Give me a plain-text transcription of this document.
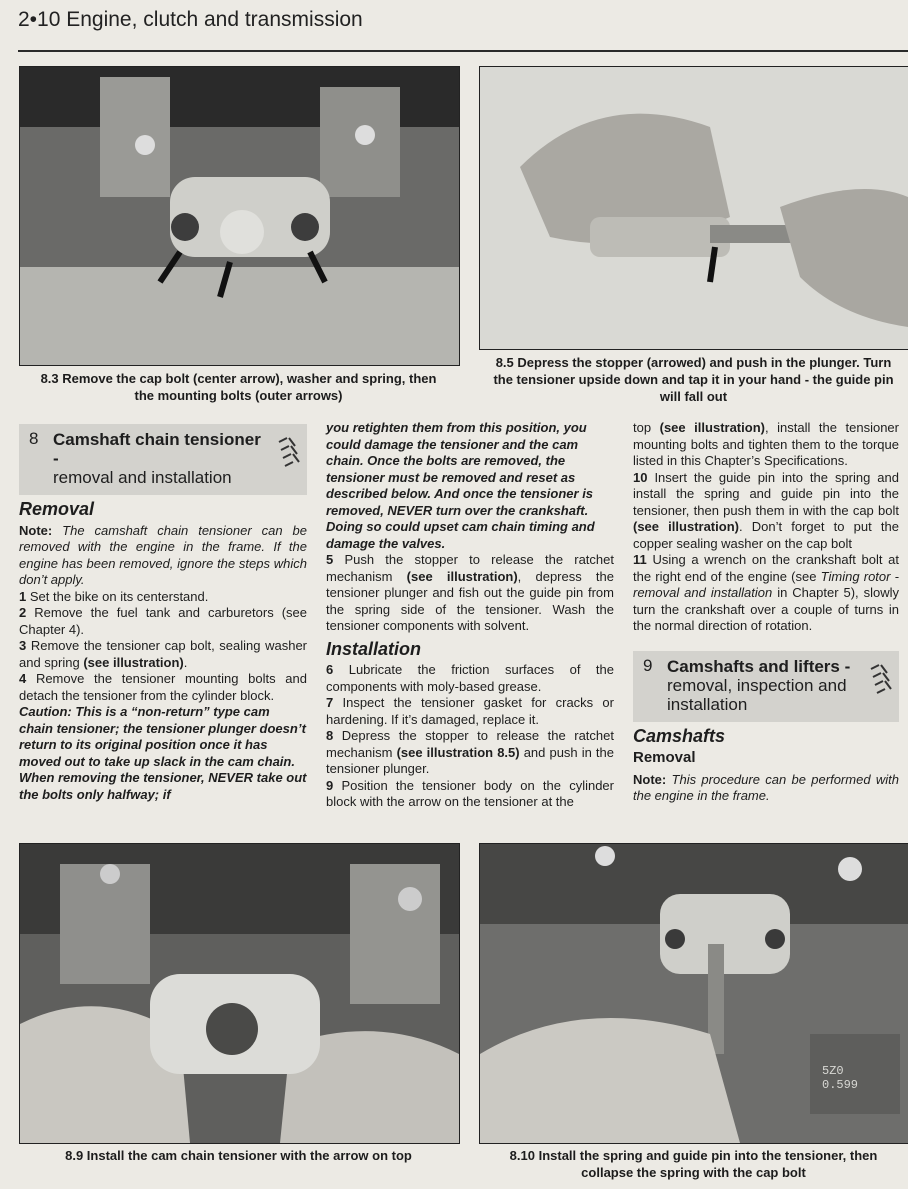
2•10 Engine, clutch and transmission
8.3 Remove the cap bolt (center arrow), washer and spring, then
the mounting bolts (outer arrows)
8.5 Depress the stopper (arrowed) and push in the plunger. Turn
the tensioner upside down and tap it in your hand - the guide pin
will fall out
8 Camshaft chain tensioner -
removal and installation
Removal

Note: The camshaft chain tensioner can be removed with the engine in the frame. If the engine has been removed, ignore the steps which don’t apply.

1 Set the bike on its centerstand.

2 Remove the fuel tank and carburetors (see Chapter 4).

3 Remove the tensioner cap bolt, sealing washer and spring (see illustration).

4 Remove the tensioner mounting bolts and detach the tensioner from the cylinder block.

Caution: This is a “non-return” type cam chain tensioner; the tensioner plunger doesn’t return to its original position once it has moved out to take up slack in the cam chain. When removing the tensioner, NEVER take out the bolts only halfway; if

you retighten them from this position, you could damage the tensioner and the cam chain. Once the bolts are removed, the tensioner must be removed and reset as described below. And once the tensioner is removed, NEVER turn over the crankshaft. Doing so could upset cam chain timing and damage the valves.

5 Push the stopper to release the ratchet mechanism (see illustration), depress the tensioner plunger and fish out the guide pin from the spring side of the tensioner. Wash the tensioner components with solvent.

Installation

6 Lubricate the friction surfaces of the components with moly-based grease.

7 Inspect the tensioner gasket for cracks or hardening. If it’s damaged, replace it.

8 Depress the stopper to release the ratchet mechanism (see illustration 8.5) and push in the tensioner plunger.

9 Position the tensioner body on the cylinder block with the arrow on the tensioner at the

top (see illustration), install the tensioner mounting bolts and tighten them to the torque listed in this Chapter’s Specifications.

10 Insert the guide pin into the spring and install the spring and guide pin into the tensioner, then push them in with the cap bolt (see illustration). Don’t forget to put the copper sealing washer on the cap bolt

11 Using a wrench on the crankshaft bolt at the right end of the engine (see Timing rotor - removal and installation in Chapter 5), slowly turn the crankshaft over a couple of turns in the normal direction of rotation.

9 Camshafts and lifters -
removal, inspection and installation
Camshafts
Removal

Note: This procedure can be performed with the engine in the frame.

5Z0
0.599
8.9 Install the cam chain tensioner with the arrow on top	8.10 Install the spring and guide pin into the tensioner, then
collapse the spring with the cap bolt
